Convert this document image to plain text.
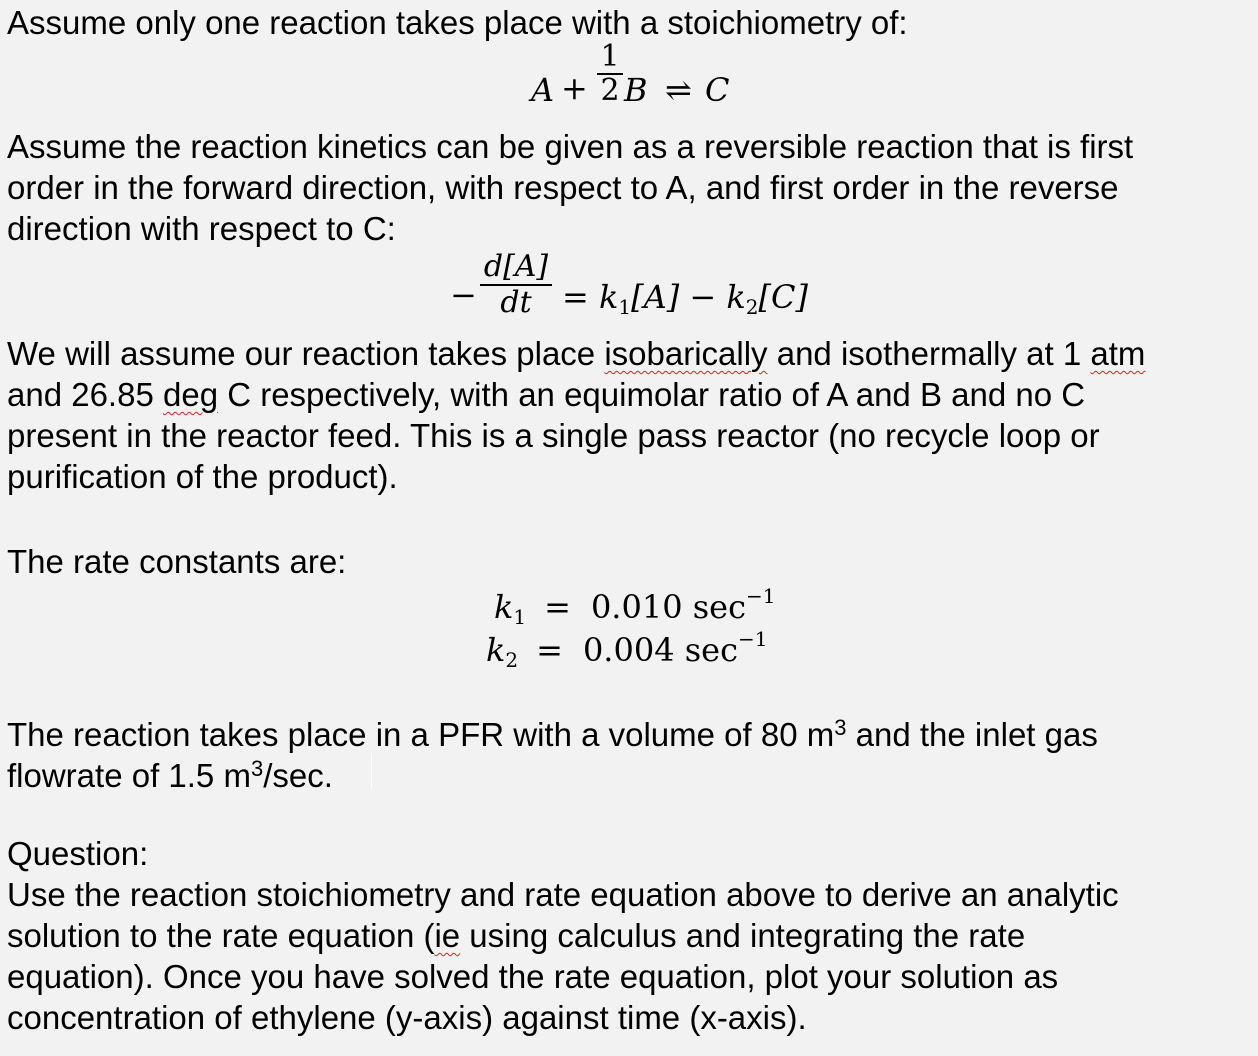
Assume only one reaction takes place with a stoichiometry of:
$A + \frac{1}{2}$ B ⇌ C
Assume the reaction kinetics can be given as a reversible reaction that is first
order in the forward direction, with respect to A, and first order in the reverse
direction with respect to C:
− $\frac{d[A]}{dt} = k_1[A] - k_2[C]$
We will assume our reaction takes place isobarically and isothermally at 1 atm
and 26.85 deg C respectively, with an equimolar ratio of A and B and no C
present in the reactor feed. This is a single pass reactor (no recycle loop or
purification of the product).
The rate constants are:
$k_1 = 0.010$ $\sec^{-1}$
$k_2 = 0.004$ $\sec^{-1}$
The reaction takes place in a PFR with a volume of 80 $m^3$ and the inlet gas
flowrate of 1.5 $m^3/\sec$.
Question:
Use the reaction stoichiometry and rate equation above to derive an analytic
solution to the rate equation (ie using calculus and integrating the rate
equation). Once you have solved the rate equation, plot your solution as
concentration of ethylene (y-axis) against time (x-axis).
